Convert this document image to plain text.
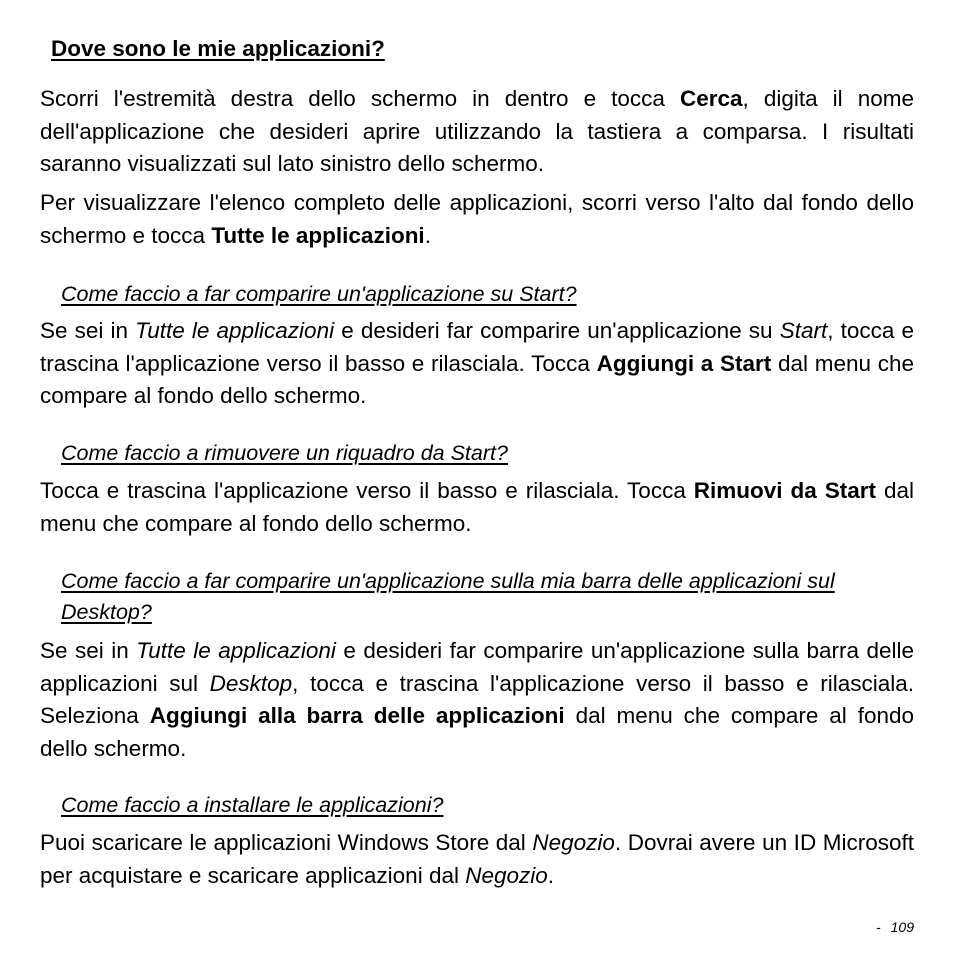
Dove sono le mie applicazioni?

Scorri l'estremità destra dello schermo in dentro e tocca Cerca, digita il nome dell'applicazione che desideri aprire utilizzando la tastiera a comparsa. I risultati saranno visualizzati sul lato sinistro dello schermo.

Per visualizzare l'elenco completo delle applicazioni, scorri verso l'alto dal fondo dello schermo e tocca Tutte le applicazioni.

Come faccio a far comparire un'applicazione su Start?

Se sei in Tutte le applicazioni e desideri far comparire un'applicazione su Start, tocca e trascina l'applicazione verso il basso e rilasciala. Tocca Aggiungi a Start dal menu che compare al fondo dello schermo.

Come faccio a rimuovere un riquadro da Start?

Tocca e trascina l'applicazione verso il basso e rilasciala. Tocca Rimuovi da Start dal menu che compare al fondo dello schermo.

Come faccio a far comparire un'applicazione sulla mia barra delle applicazioni sul Desktop?

Se sei in Tutte le applicazioni e desideri far comparire un'applicazione sulla barra delle applicazioni sul Desktop, tocca e trascina l'applicazione verso il basso e rilasciala. Seleziona Aggiungi alla barra delle applicazioni dal menu che compare al fondo dello schermo.

Come faccio a installare le applicazioni?

Puoi scaricare le applicazioni Windows Store dal Negozio. Dovrai avere un ID Microsoft per acquistare e scaricare applicazioni dal Negozio.

- 109
